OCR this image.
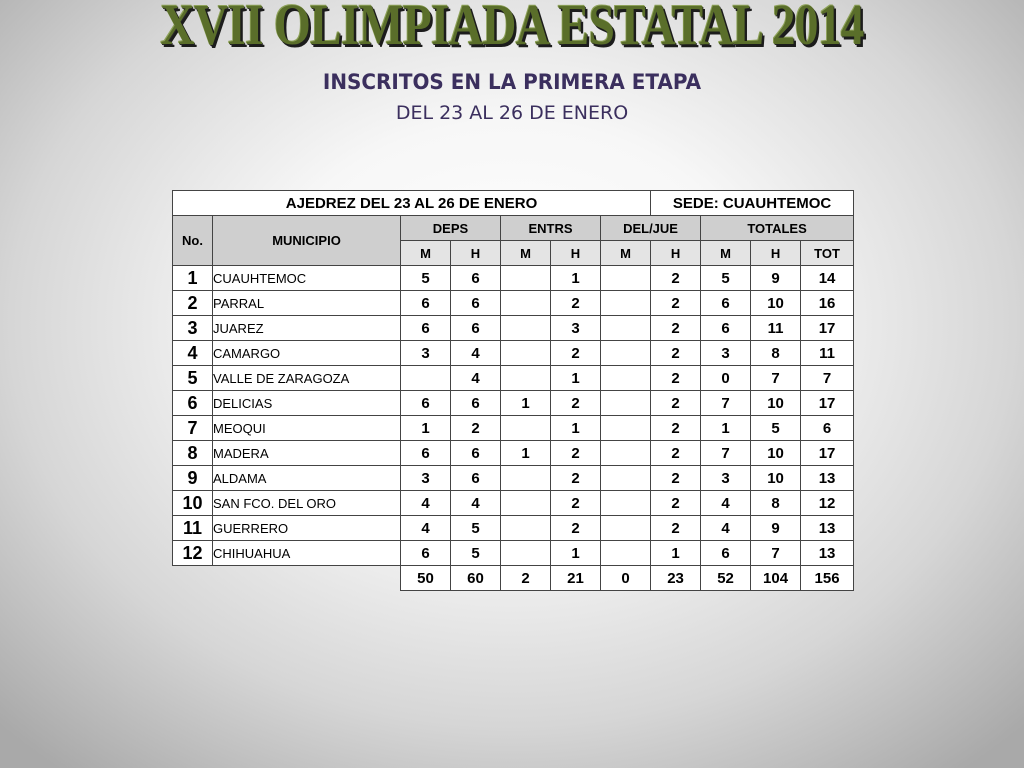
XVII OLIMPIADA ESTATAL 2014
INSCRITOS EN LA PRIMERA ETAPA
DEL 23 AL 26 DE ENERO
AJEDREZ DEL 23 AL 26 DE ENERO							SEDE: CUAUHTEMOC			
No.	MUNICIPIO	DEPS		ENTRS		DEL/JUE		TOTALES		
		M	H	M	H	M	H	M	H	TOT
1	CUAUHTEMOC	5	6		1		2	5	9	14
2	PARRAL	6	6		2		2	6	10	16
3	JUAREZ	6	6		3		2	6	11	17
4	CAMARGO	3	4		2		2	3	8	11
5	VALLE DE ZARAGOZA		4		1		2	0	7	7
6	DELICIAS	6	6	1	2		2	7	10	17
7	MEOQUI	1	2		1		2	1	5	6
8	MADERA	6	6	1	2		2	7	10	17
9	ALDAMA	3	6		2		2	3	10	13
10	SAN FCO. DEL ORO	4	4		2		2	4	8	12
11	GUERRERO	4	5		2		2	4	9	13
12	CHIHUAHUA	6	5		1		1	6	7	13
		50	60	2	21	0	23	52	104	156
